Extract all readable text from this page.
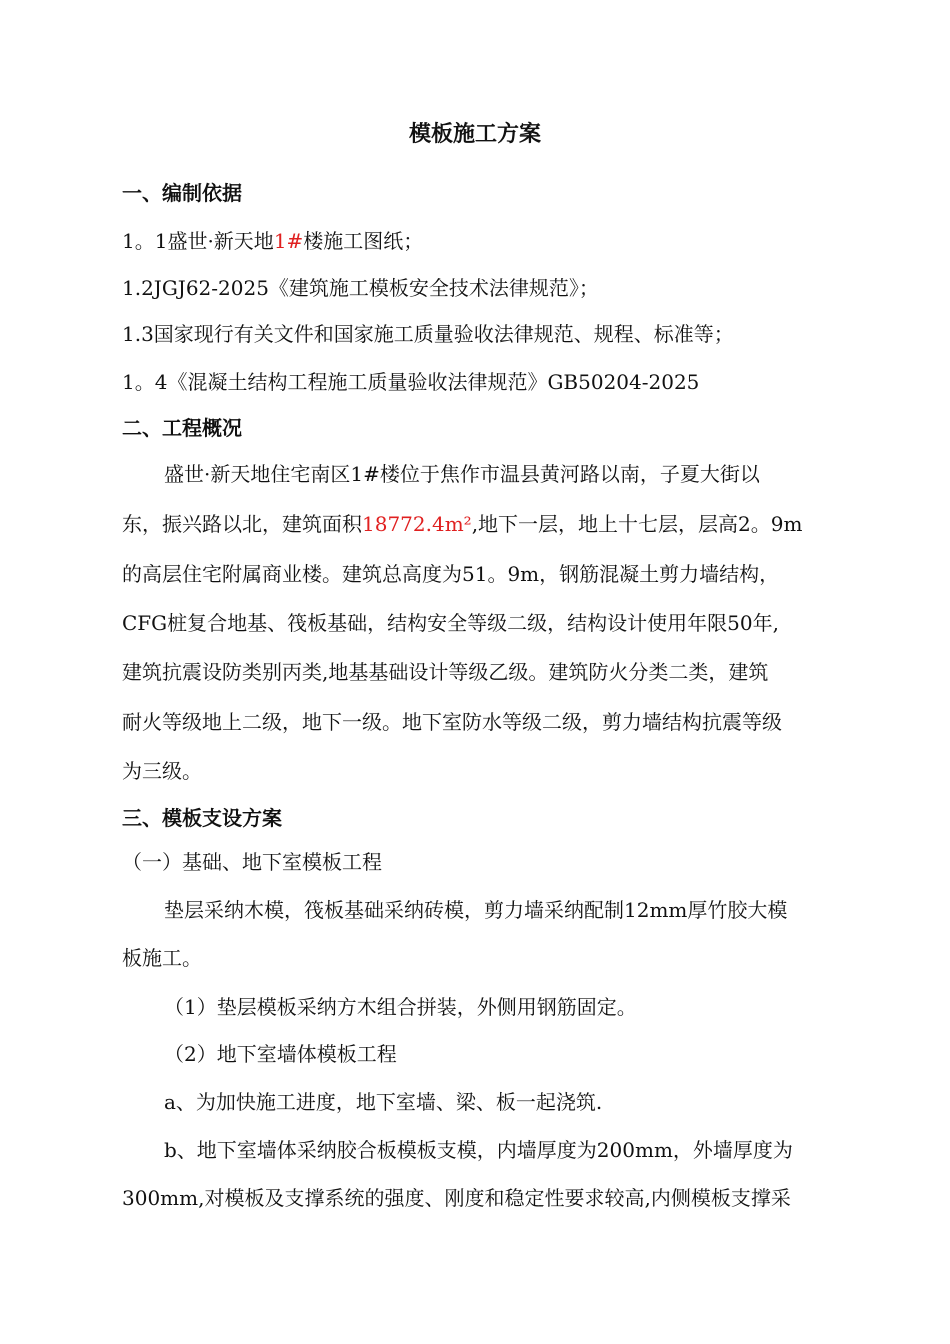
模板施工方案
一、编制依据
1。1盛世·新天地1#楼施工图纸；
1.2JGJ62-2025《建筑施工模板安全技术法律规范》；
1.3国家现行有关文件和国家施工质量验收法律规范、规程、标准等；
1。4《混凝土结构工程施工质量验收法律规范》GB50204-2025
二、工程概况
盛世·新天地住宅南区1#楼位于焦作市温县黄河路以南，子夏大街以
东，振兴路以北，建筑面积18772.4m²,地下一层，地上十七层，层高2。9m
的高层住宅附属商业楼。建筑总高度为51。9m，钢筋混凝土剪力墙结构，
CFG桩复合地基、筏板基础，结构安全等级二级，结构设计使用年限50年,
建筑抗震设防类别丙类,地基基础设计等级乙级。建筑防火分类二类，建筑
耐火等级地上二级，地下一级。地下室防水等级二级，剪力墙结构抗震等级
为三级。
三、模板支设方案
（一）基础、地下室模板工程
垫层采纳木模，筏板基础采纳砖模，剪力墙采纳配制12mm厚竹胶大模
板施工。
（1）垫层模板采纳方木组合拼装，外侧用钢筋固定。
（2）地下室墙体模板工程
a、为加快施工进度，地下室墙、梁、板一起浇筑.
b、地下室墙体采纳胶合板模板支模，内墙厚度为200mm，外墙厚度为
300mm,对模板及支撑系统的强度、刚度和稳定性要求较高,内侧模板支撑采
